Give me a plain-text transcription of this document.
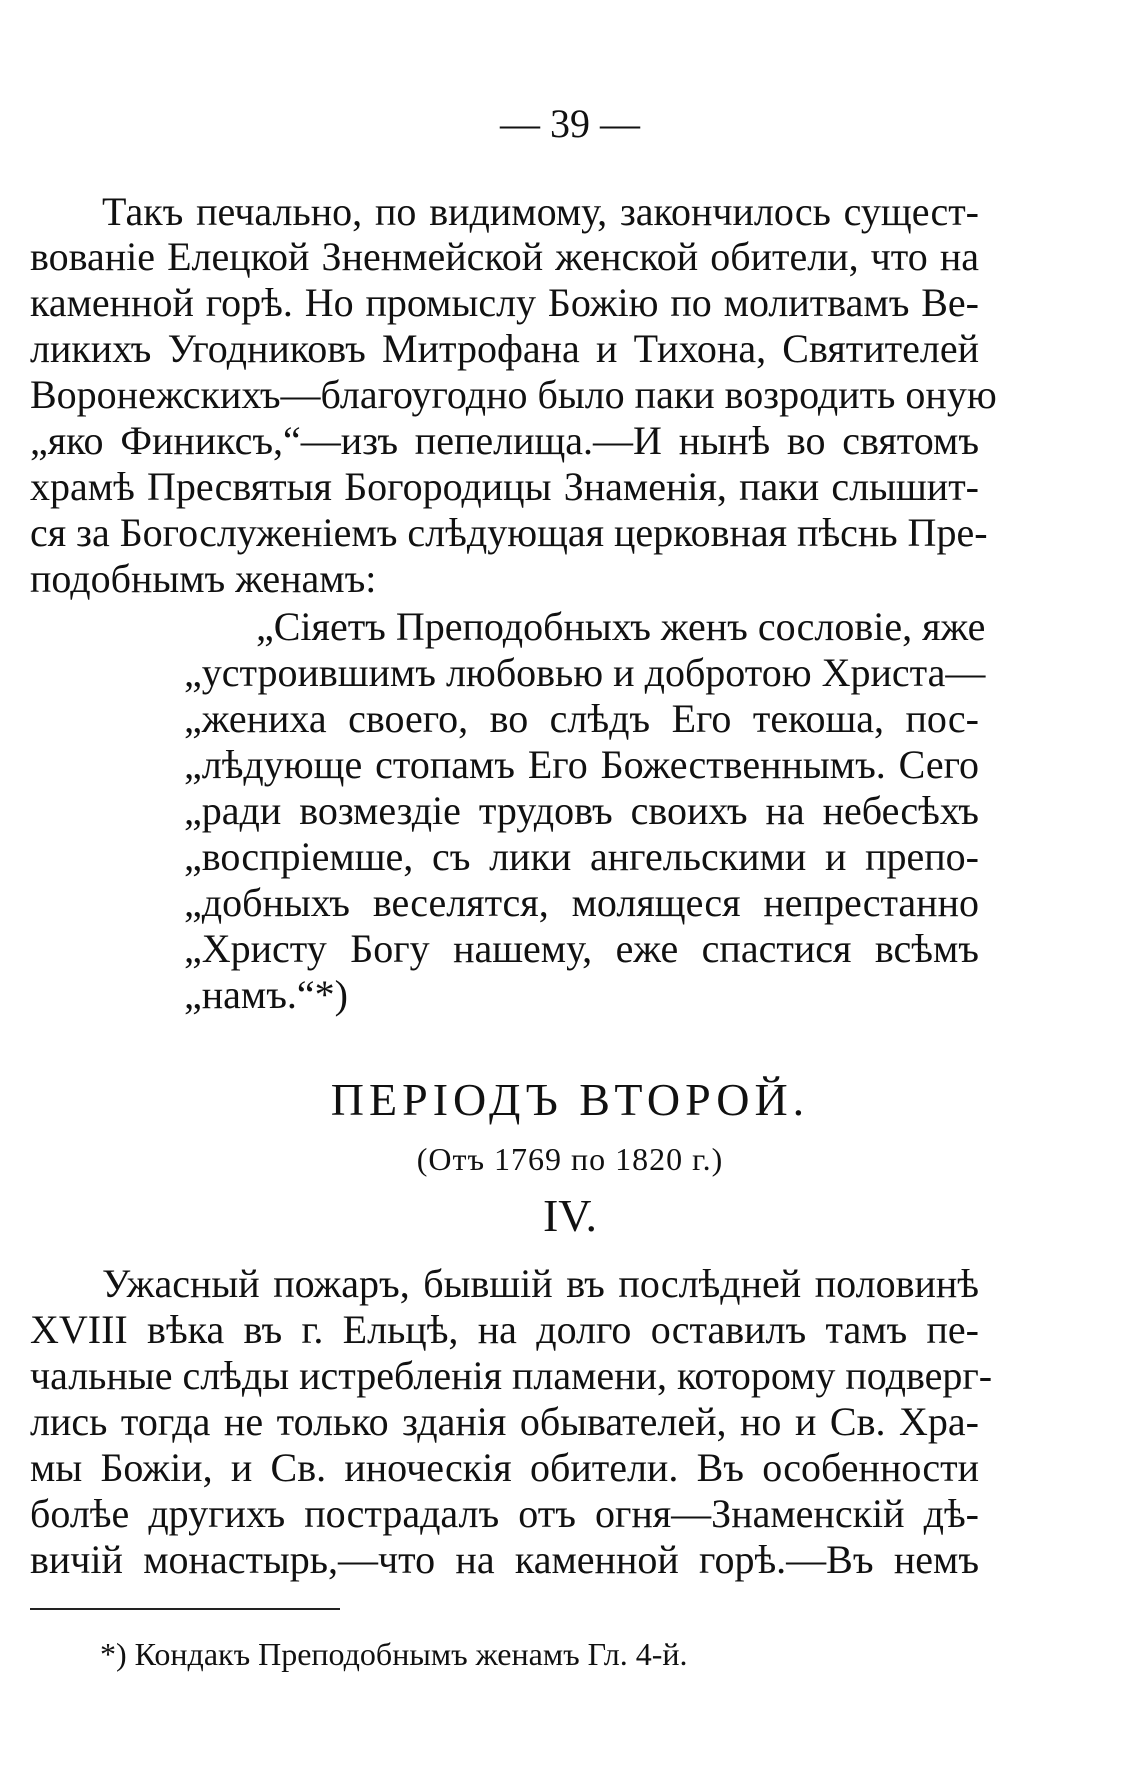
— 39 —
Такъ печально, по видимому, закончилось сущест-
вованіе Елецкой Зненмейской женской обители, что на
каменной горѣ. Но промыслу Божію по молитвамъ Ве-
ликихъ Угодниковъ Митрофана и Тихона, Святителей
Воронежскихъ—благоугодно было паки возродить оную
„яко Финиксъ,“—изъ пепелища.—И нынѣ во святомъ
храмѣ Пресвятыя Богородицы Знаменія, паки слышит-
ся за Богослуженіемъ слѣдующая церковная пѣснь Пре-
подобнымъ женамъ:
„Сіяетъ Преподобныхъ женъ сословіе, яже
„устроившимъ любовью и добротою Христа—
„жениха своего, во слѣдъ Его текоша, пос-
„лѣдующе стопамъ Его Божественнымъ. Сего
„ради возмездіе трудовъ своихъ на небесѣхъ
„воспріемше, съ лики ангельскими и препо-
„добныхъ веселятся, молящеся непрестанно
„Христу Богу нашему, еже спастися всѣмъ
„намъ.“*)
ПЕРІОДЪ ВТОРОЙ.
(Отъ 1769 по 1820 г.)
IV.
Ужасный пожаръ, бывшій въ послѣдней половинѣ
XVIII вѣка въ г. Ельцѣ, на долго оставилъ тамъ пе-
чальные слѣды истребленія пламени, которому подверг-
лись тогда не только зданія обывателей, но и Св. Хра-
мы Божіи, и Св. иноческія обители. Въ особенности
болѣе другихъ пострадалъ отъ огня—Знаменскій дѣ-
вичій монастырь,—что на каменной горѣ.—Въ немъ
*) Кондакъ Преподобнымъ женамъ Гл. 4-й.
